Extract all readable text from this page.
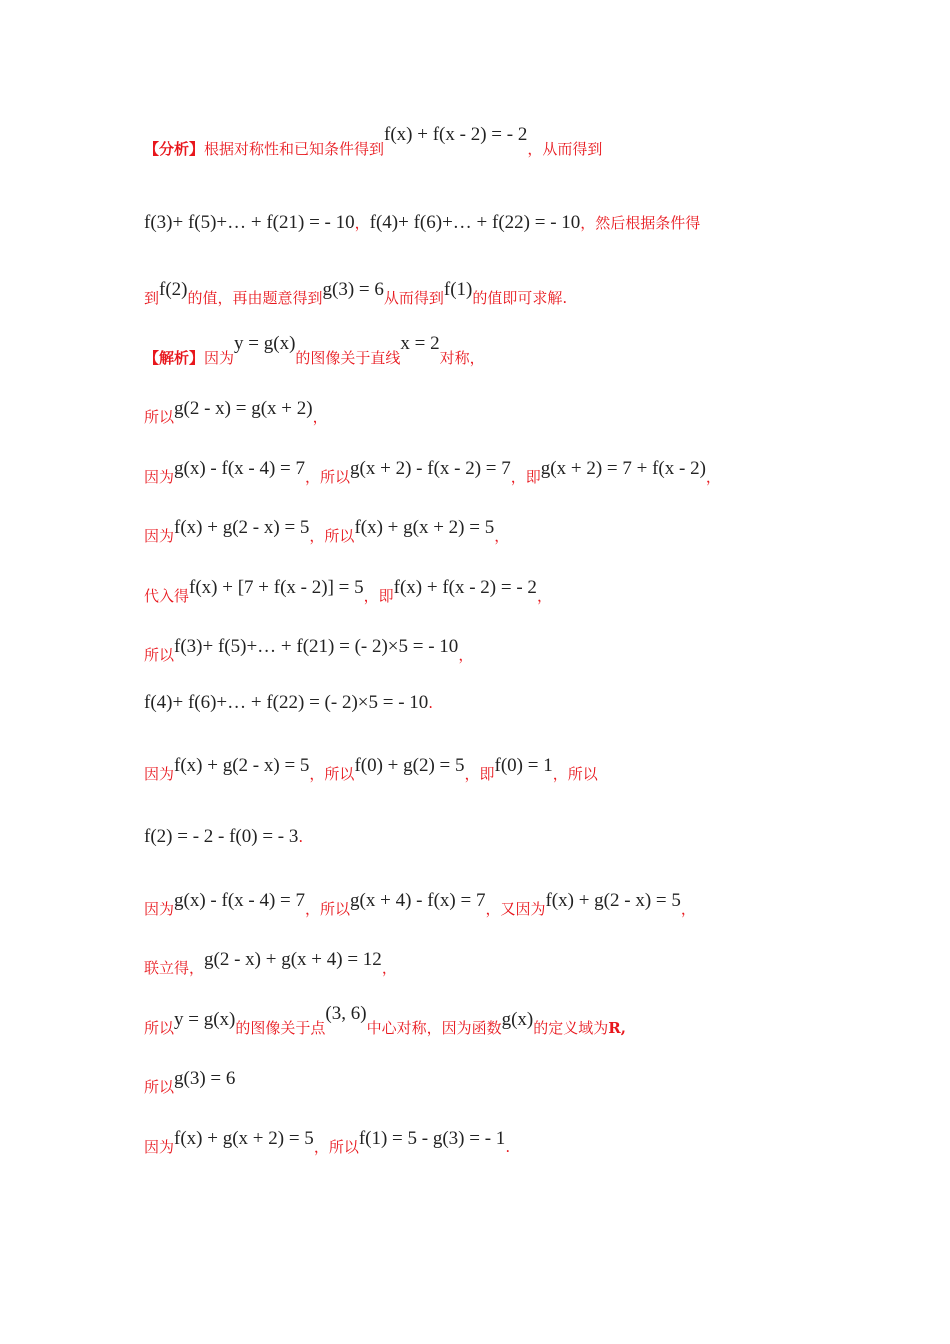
【分析】根据对称性和已知条件得到f(x) + f(x - 2) = - 2，从而得到
f(3)+ f(5)+… + f(21) = - 10，f(4)+ f(6)+… + f(22) = - 10，然后根据条件得
到f(2)的值，再由题意得到g(3) = 6从而得到f(1)的值即可求解.
【解析】因为y = g(x)的图像关于直线x = 2对称，
所以g(2 - x) = g(x + 2)，
因为g(x) - f(x - 4) = 7，所以g(x + 2) - f(x - 2) = 7，即g(x + 2) = 7 + f(x - 2)，
因为f(x) + g(2 - x) = 5，所以f(x) + g(x + 2) = 5，
代入得f(x) + [7 + f(x - 2)] = 5，即f(x) + f(x - 2) = - 2，
所以f(3)+ f(5)+… + f(21) = (- 2)×5 = - 10，
f(4)+ f(6)+… + f(22) = (- 2)×5 = - 10.
因为f(x) + g(2 - x) = 5，所以f(0) + g(2) = 5，即f(0) = 1，所以
f(2) = - 2 - f(0) = - 3.
因为g(x) - f(x - 4) = 7，所以g(x + 4) - f(x) = 7，又因为f(x) + g(2 - x) = 5，
联立得，g(2 - x) + g(x + 4) = 12，
所以y = g(x)的图像关于点(3, 6)中心对称，因为函数g(x)的定义域为R,
所以g(3) = 6
因为f(x) + g(x + 2) = 5，所以f(1) = 5 - g(3) = - 1.
